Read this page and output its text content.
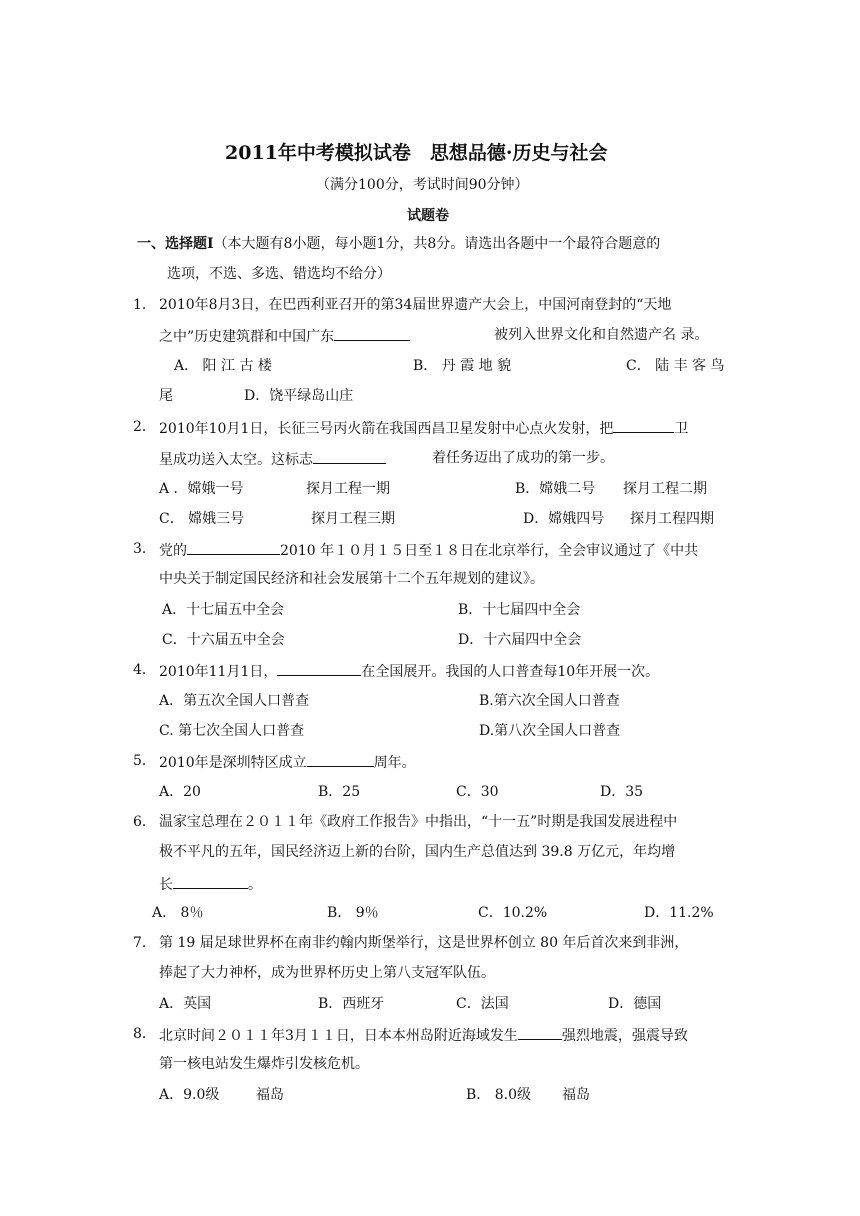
2011年中考模拟试卷　思想品德·历史与社会
（满分100分，考试时间90分钟）
试题卷
一、选择题Ⅰ（本大题有8小题，每小题1分，共8分。请选出各题中一个最符合题意的
选项，不选、多选、错选均不给分）
1． 2010年8月3日，在巴西利亚召开的第34届世界遗产大会上，中国河南登封的“天地
之中”历史建筑群和中国广东	被列入世界文化和自然遗产名 录。
A． 阳 江 古 楼	B． 丹 霞 地 貌	C． 陆 丰 客 鸟
尾	D．饶平绿岛山庄
2． 2010年10月1日，长征三号丙火箭在我国西昌卫星发射中心点火发射，把	卫
星成功送入太空。这标志	着任务迈出了成功的第一步。
A ．嫦娥一号	探月工程一期	B．嫦娥二号 探月工程二期
C． 嫦娥三号	探月工程三期	D．嫦娥四号 探月工程四期
3． 党的	2010 年１０月１５日至１８日在北京举行，全会审议通过了《中共
中央关于制定国民经济和社会发展第十二个五年规划的建议》。
A．十七届五中全会	B．十七届四中全会
C．十六届五中全会	D．十六届四中全会
4． 2010年11月1日，	在全国展开。我国的人口普查每10年开展一次。
A．第五次全国人口普查	B.第六次全国人口普查
C. 第七次全国人口普查	D.第八次全国人口普查
5． 2010年是深圳特区成立	周年。
A．20	B．25	C．30	D．35
6． 温家宝总理在２０１１年《政府工作报告》中指出，“十一五”时期是我国发展进程中
极不平凡的五年，国民经济迈上新的台阶，国内生产总值达到 39.8 万亿元，年均增
长	。
A． 8％	B． 9％	C．10.2%	D．11.2%
7． 第 19 届足球世界杯在南非约翰内斯堡举行，这是世界杯创立 80 年后首次来到非洲，
捧起了大力神杯，成为世界杯历史上第八支冠军队伍。
A．英国	B．西班牙	C．法国	D．德国
8． 北京时间２０１１年3月１１日，日本本州岛附近海域发生	强烈地震，强震导致
第一核电站发生爆炸引发核危机。
A．9.0级	福岛	B． 8.0级 福岛
